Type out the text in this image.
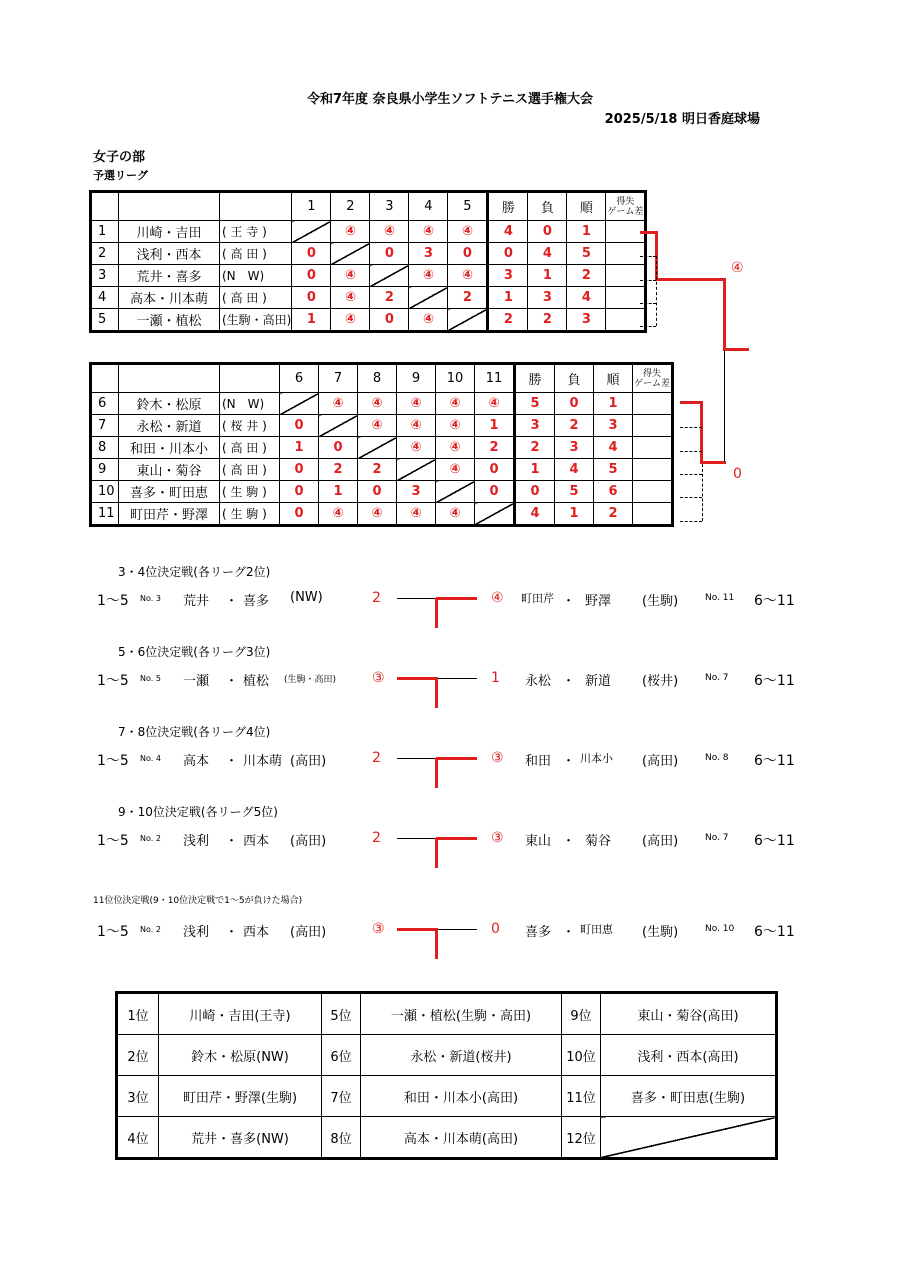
令和7年度 奈良県小学生ソフトテニス選手権大会
2025/5/18 明日香庭球場
女子の部
予選リーグ
			1	2	3	4	5	勝	負	順	得失
ゲーム差
1	川崎・吉田	( 王 寺 )		④	④	④	④	4	0	1	
2	浅利・西本	( 高 田 )	0		0	3	0	0	4	5	
3	荒井・喜多	(N　W)	0	④		④	④	3	1	2	
4	高本・川本萌	( 高 田 )	0	④	2		2	1	3	4	
5	一瀬・植松	(生駒・高田)	1	④	0	④		2	2	3	
			6	7	8	9	10	11	勝	負	順	得失
ゲーム差
6	鈴木・松原	(N　W)		④	④	④	④	④	5	0	1	
7	永松・新道	( 桜 井 )	0		④	④	④	1	3	2	3	
8	和田・川本小	( 高 田 )	1	0		④	④	2	2	3	4	
9	東山・菊谷	( 高 田 )	0	2	2		④	0	1	4	5	
10	喜多・町田恵	( 生 駒 )	0	1	0	3		0	0	5	6	
11	町田芹・野澤	( 生 駒 )	0	④	④	④	④		4	1	2	
④
0
3・4位決定戦(各リーグ2位)
1～5 No. 3 荒井 ・ 喜多 (NW)	2	④ 町田芹 ・ 野澤 (生駒)	No. 11 6～11
5・6位決定戦(各リーグ3位)
1～5 No. 5 一瀬 ・ 植松 (生駒・高田)	③	1 永松 ・ 新道 (桜井)	No. 7 6～11
7・8位決定戦(各リーグ4位)
1～5 No. 4 高本 ・ 川本萌 (高田)	2	③ 和田 ・ 川本小 (高田)	No. 8 6～11
9・10位決定戦(各リーグ5位)
1～5 No. 2 浅利 ・ 西本 (高田)	2	③ 東山 ・ 菊谷 (高田)	No. 7 6～11
11位位決定戦(9・10位決定戦で1～5が負けた場合)
1～5 No. 2 浅利 ・ 西本 (高田)	③	0 喜多 ・ 町田恵 (生駒)	No. 10 6～11
1位	川崎・吉田(王寺)	5位	一瀬・植松(生駒・高田)	9位	東山・菊谷(高田)
2位	鈴木・松原(NW)	6位	永松・新道(桜井)	10位	浅利・西本(高田)
3位	町田芹・野澤(生駒)	7位	和田・川本小(高田)	11位	喜多・町田恵(生駒)
4位	荒井・喜多(NW)	8位	高本・川本萌(高田)	12位	
